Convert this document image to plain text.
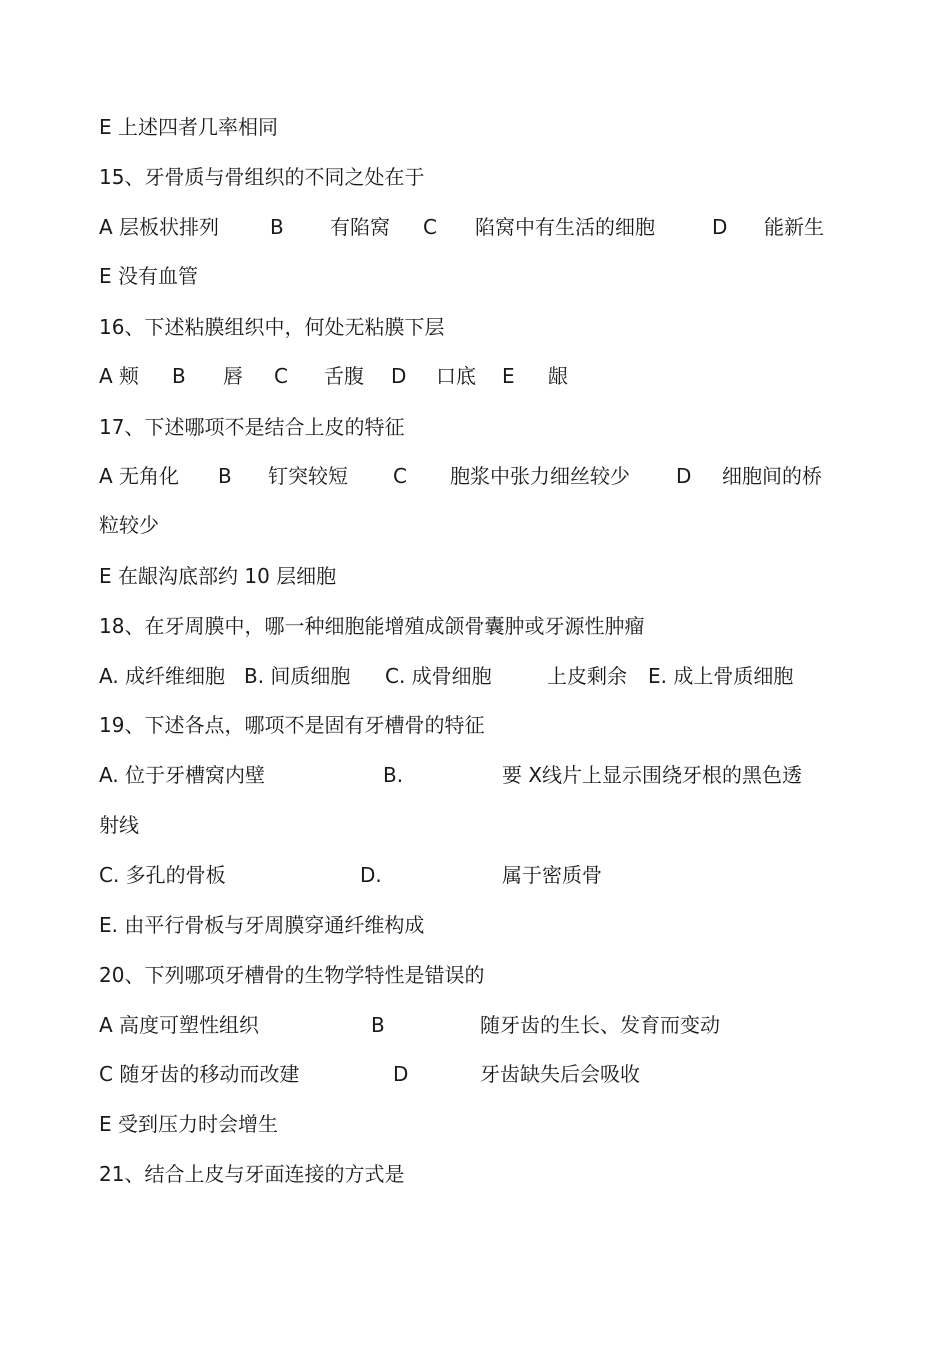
E 上述四者几率相同
15、牙骨质与骨组织的不同之处在于
A 层板状排列	B 有陷窝 C 陷窝中有生活的细胞	D 能新生
E 没有血管
16、下述粘膜组织中，何处无粘膜下层
A 颊 B 唇 C 舌腹 D 口底 E 龈
17、下述哪项不是结合上皮的特征
A 无角化 B 钉突较短 C 胞浆中张力细丝较少 D 细胞间的桥
粒较少
E 在龈沟底部约 10 层细胞
18、在牙周膜中，哪一种细胞能增殖成颌骨囊肿或牙源性肿瘤
A. 成纤维细胞 B. 间质细胞 C. 成骨细胞	上皮剩余 E. 成上骨质细胞
19、下述各点，哪项不是固有牙槽骨的特征
A. 位于牙槽窝内壁	B.	要 X线片上显示围绕牙根的黑色透
射线
C. 多孔的骨板	D.	属于密质骨
E. 由平行骨板与牙周膜穿通纤维构成
20、下列哪项牙槽骨的生物学特性是错误的
A 高度可塑性组织	B	随牙齿的生长、发育而变动
C 随牙齿的移动而改建	D	牙齿缺失后会吸收
E 受到压力时会增生
21、结合上皮与牙面连接的方式是
